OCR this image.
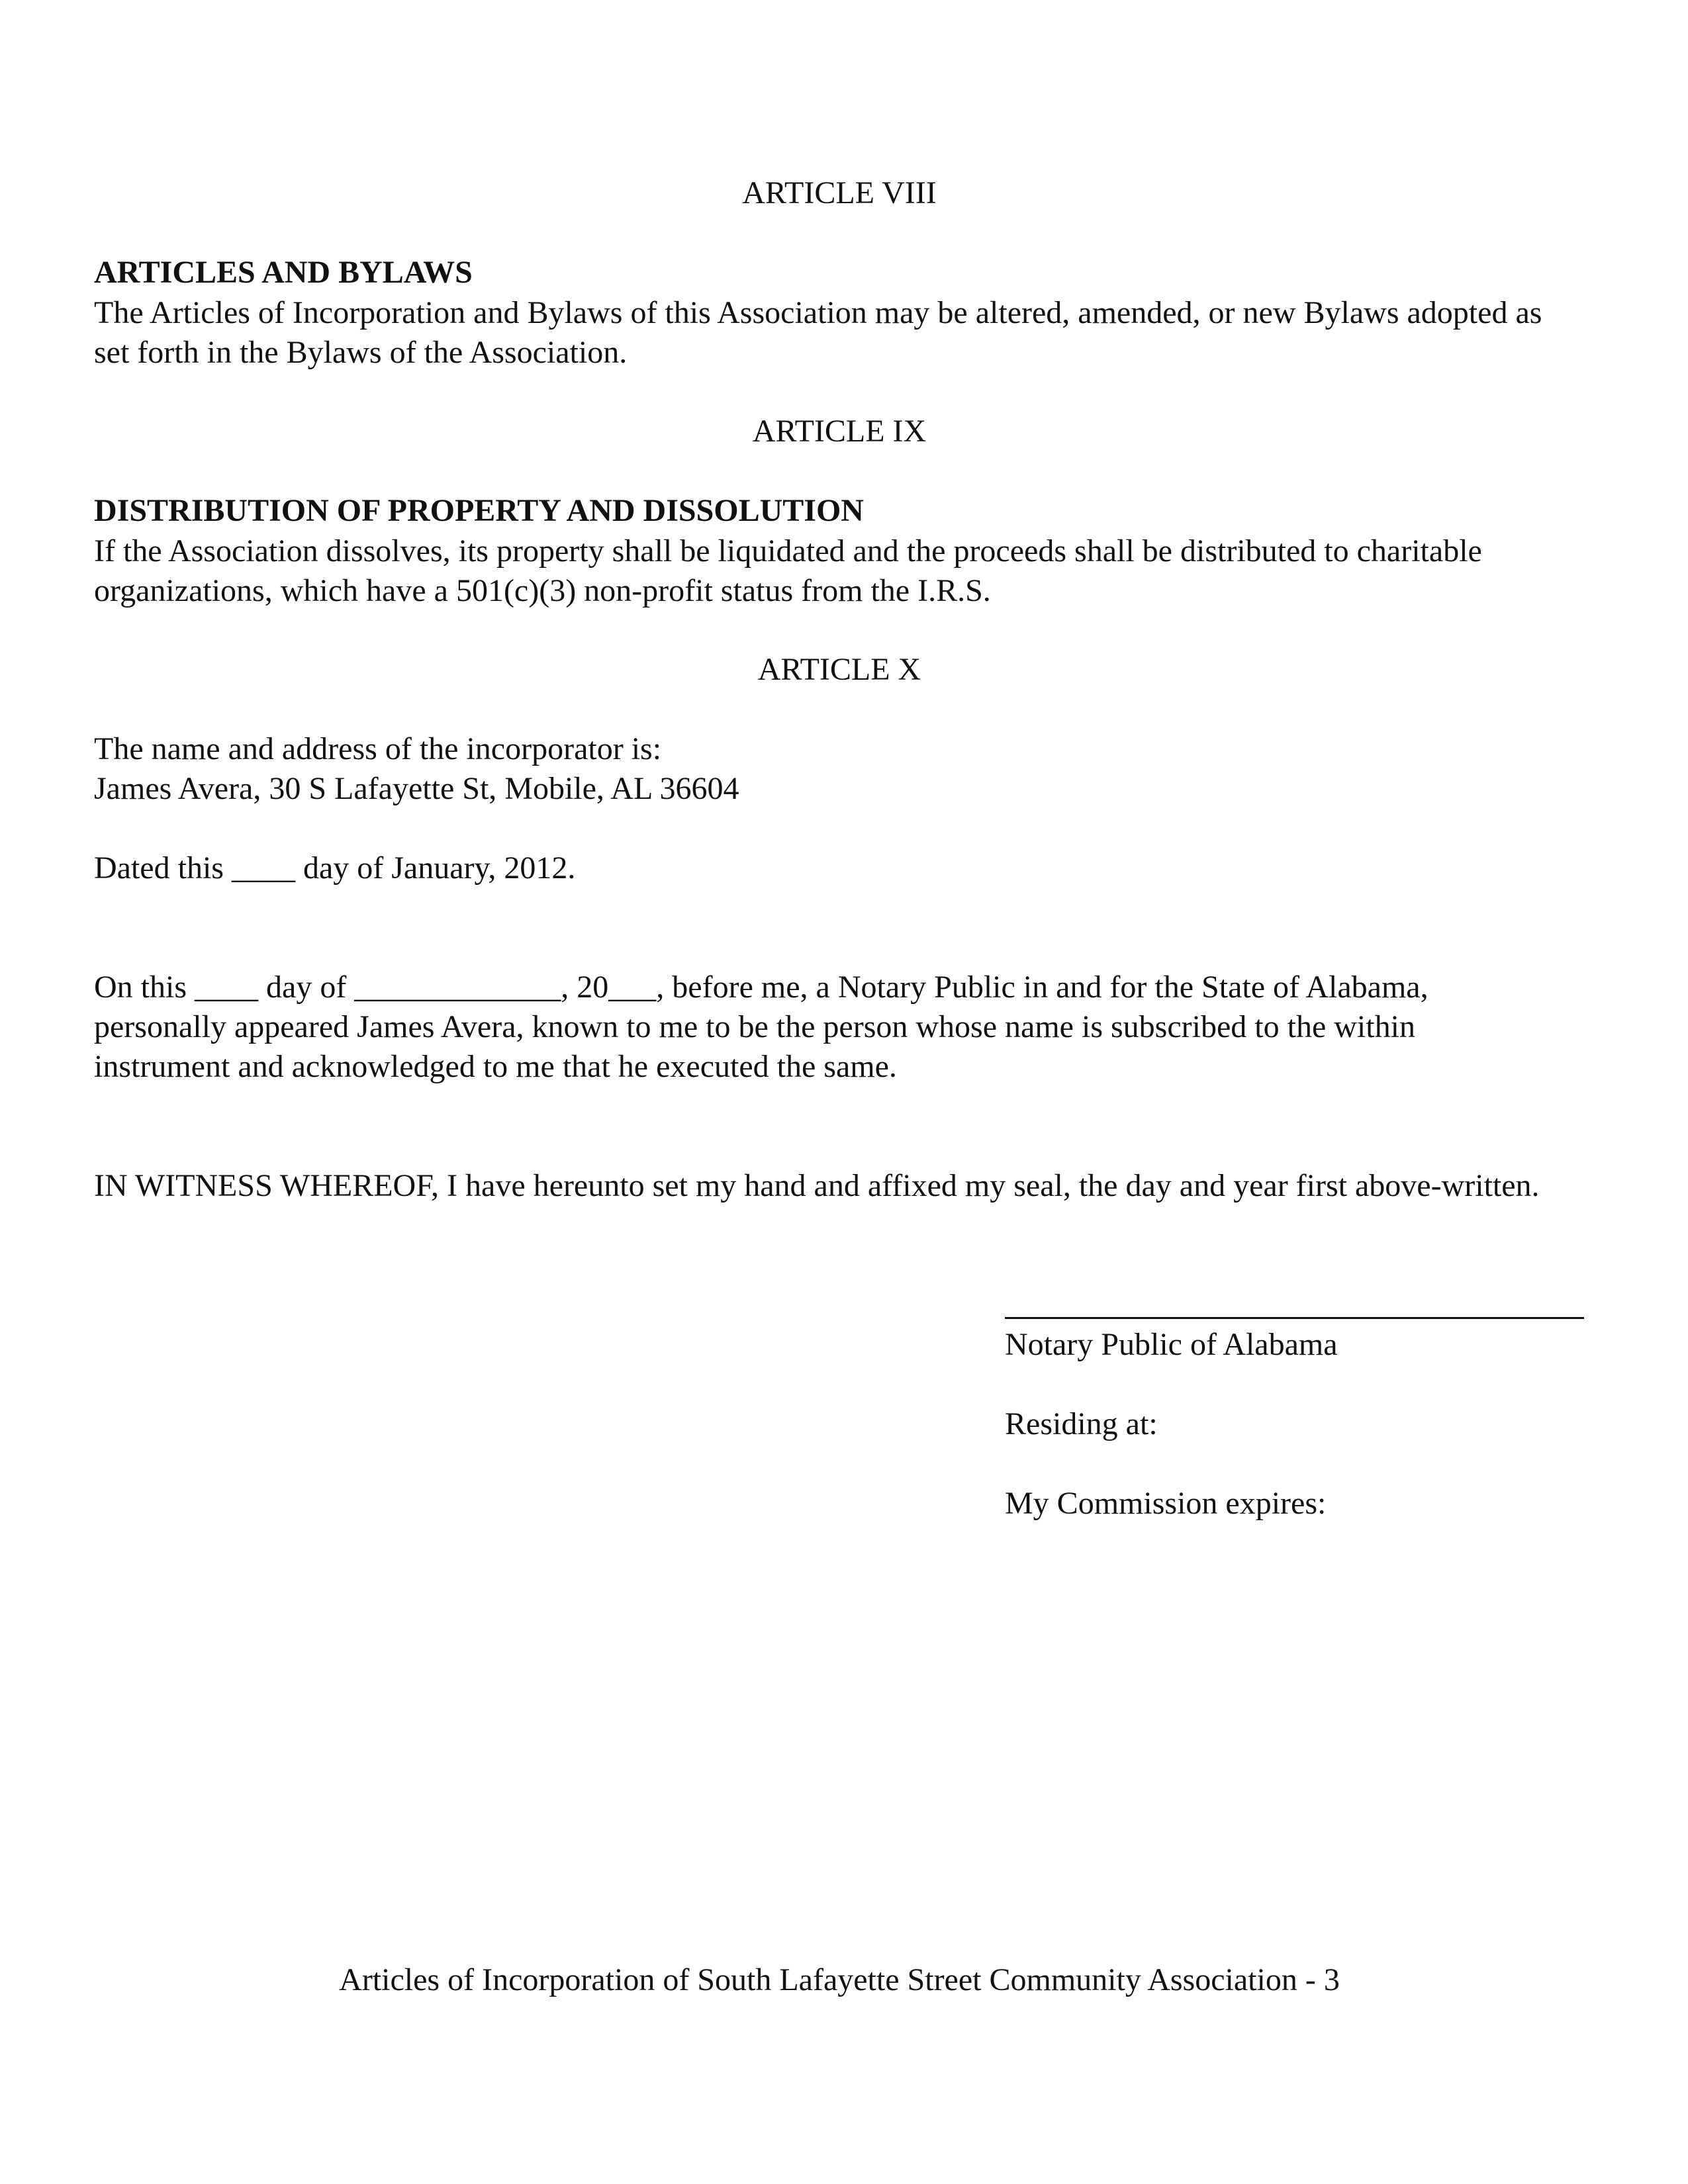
ARTICLE VIII

ARTICLES AND BYLAWS

The Articles of Incorporation and Bylaws of this Association may be altered, amended, or new Bylaws adopted as
set forth in the Bylaws of the Association.

ARTICLE IX

DISTRIBUTION OF PROPERTY AND DISSOLUTION

If the Association dissolves, its property shall be liquidated and the proceeds shall be distributed to charitable
organizations, which have a 501(c)(3) non-profit status from the I.R.S.

ARTICLE X

The name and address of the incorporator is:
James Avera, 30 S Lafayette St, Mobile, AL 36604

Dated this ____ day of January, 2012.

On this ____ day of _____________, 20___, before me, a Notary Public in and for the State of Alabama,
personally appeared James Avera, known to me to be the person whose name is subscribed to the within
instrument and acknowledged to me that he executed the same.

IN WITNESS WHEREOF, I have hereunto set my hand and affixed my seal, the day and year first above-written.

Notary Public of Alabama

Residing at:

My Commission expires:

Articles of Incorporation of South Lafayette Street Community Association - 3
